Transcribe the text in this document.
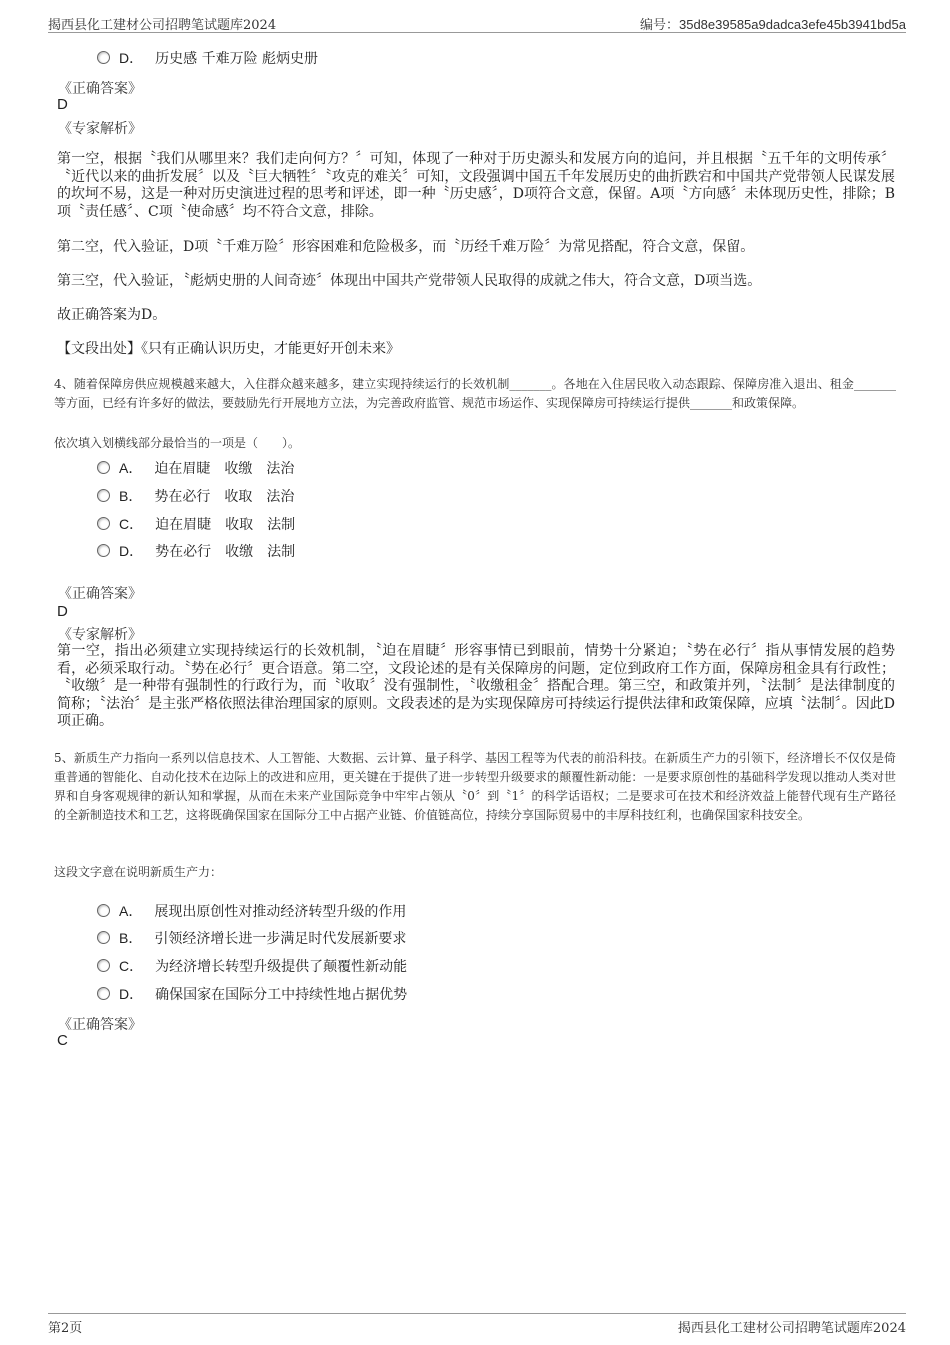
揭西县化工建材公司招聘笔试题库2024	编号：35d8e39585a9dadca3efe45b3941bd5a
D． 历史感 千难万险 彪炳史册
《正确答案》
D
《专家解析》
第一空，根据〝我们从哪里来？我们走向何方？〞可知，体现了一种对于历史源头和发展方向的追问，并且根据〝五千年的文明传承〞〝近代以来的曲折发展〞以及〝巨大牺牲〞〝攻克的难关〞可知，文段强调中国五千年发展历史的曲折跌宕和中国共产党带领人民谋发展的坎坷不易，这是一种对历史演进过程的思考和评述，即一种〝历史感〞，D项符合文意，保留。A项〝方向感〞未体现历史性，排除；B项〝责任感〞、C项〝使命感〞均不符合文意，排除。
第二空，代入验证，D项〝千难万险〞形容困难和危险极多，而〝历经千难万险〞为常见搭配，符合文意，保留。
第三空，代入验证，〝彪炳史册的人间奇迹〞体现出中国共产党带领人民取得的成就之伟大，符合文意，D项当选。
故正确答案为D。
【文段出处】《只有正确认识历史，才能更好开创未来》
4、随着保障房供应规模越来越大，入住群众越来越多，建立实现持续运行的长效机制_______。各地在入住居民收入动态跟踪、保障房准入退出、租金_______等方面，已经有许多好的做法，要鼓励先行开展地方立法，为完善政府监管、规范市场运作、实现保障房可持续运行提供_______和政策保障。
依次填入划横线部分最恰当的一项是（　　）。
A． 迫在眉睫　收缴　法治
B． 势在必行　收取　法治
C． 迫在眉睫　收取　法制
D． 势在必行　收缴　法制
《正确答案》
D
《专家解析》
第一空，指出必须建立实现持续运行的长效机制，〝迫在眉睫〞形容事情已到眼前，情势十分紧迫；〝势在必行〞指从事情发展的趋势看，必须采取行动。〝势在必行〞更合语意。第二空，文段论述的是有关保障房的问题，定位到政府工作方面，保障房租金具有行政性；〝收缴〞是一种带有强制性的行政行为，而〝收取〞没有强制性，〝收缴租金〞搭配合理。第三空，和政策并列，〝法制〞是法律制度的简称；〝法治〞是主张严格依照法律治理国家的原则。文段表述的是为实现保障房可持续运行提供法律和政策保障，应填〝法制〞。因此D项正确。
5、新质生产力指向一系列以信息技术、人工智能、大数据、云计算、量子科学、基因工程等为代表的前沿科技。在新质生产力的引领下，经济增长不仅仅是倚重普通的智能化、自动化技术在边际上的改进和应用，更关键在于提供了进一步转型升级要求的颠覆性新动能：一是要求原创性的基础科学发现以推动人类对世界和自身客观规律的新认知和掌握，从而在未来产业国际竞争中牢牢占领从〝0〞到〝1〞的科学话语权；二是要求可在技术和经济效益上能替代现有生产路径的全新制造技术和工艺，这将既确保国家在国际分工中占据产业链、价值链高位，持续分享国际贸易中的丰厚科技红利，也确保国家科技安全。
这段文字意在说明新质生产力：
A． 展现出原创性对推动经济转型升级的作用
B． 引领经济增长进一步满足时代发展新要求
C． 为经济增长转型升级提供了颠覆性新动能
D． 确保国家在国际分工中持续性地占据优势
《正确答案》
C
第2页	揭西县化工建材公司招聘笔试题库2024
